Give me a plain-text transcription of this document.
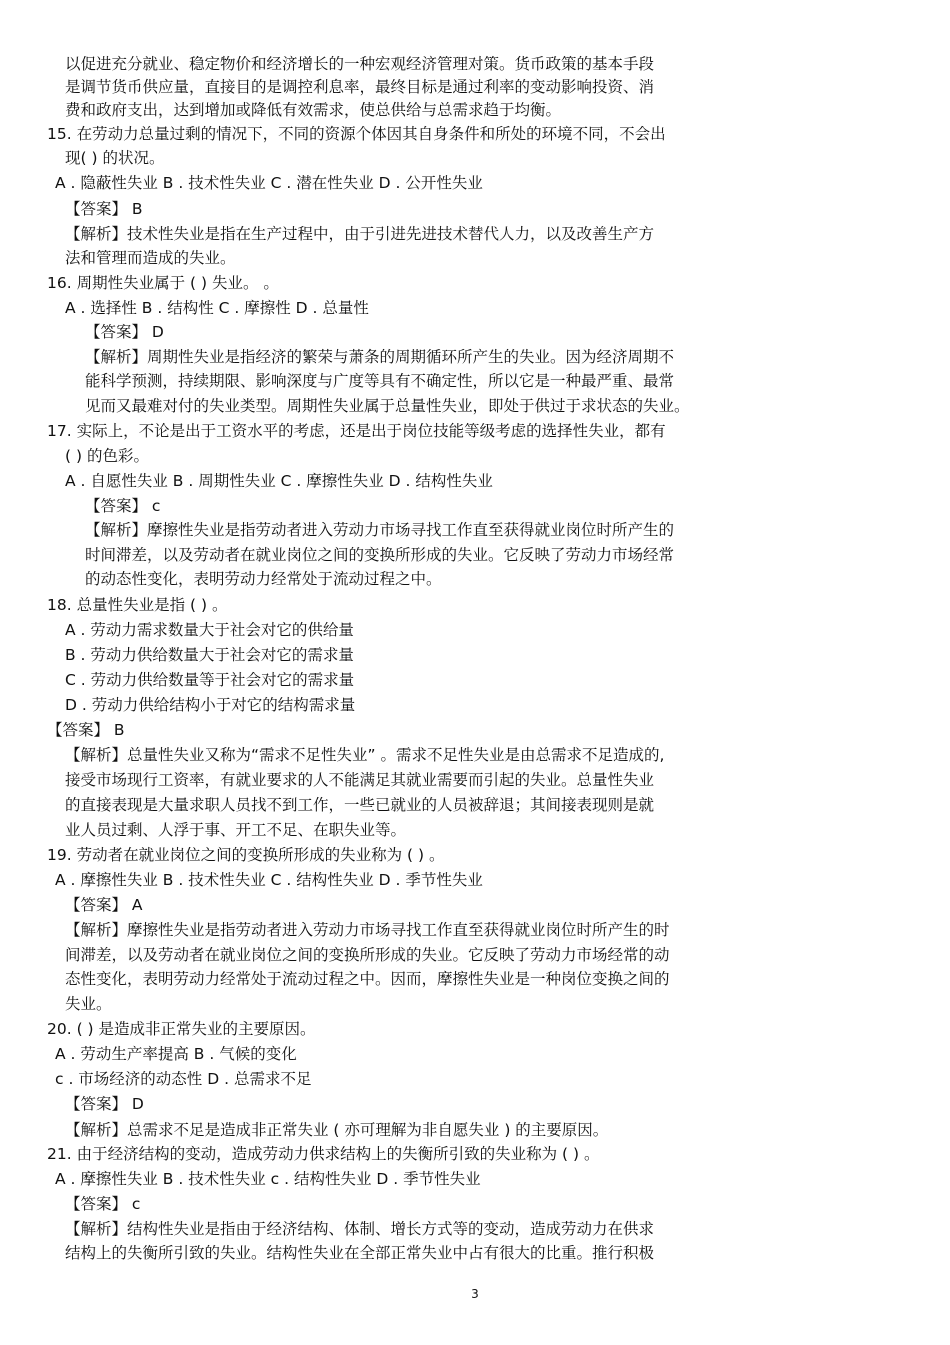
以促进充分就业、稳定物价和经济增长的一种宏观经济管理对策。货币政策的基本手段
是调节货币供应量，直接目的是调控利息率，最终目标是通过利率的变动影响投资、消
费和政府支出，达到增加或降低有效需求，使总供给与总需求趋于均衡。
15. 在劳动力总量过剩的情况下，不同的资源个体因其自身条件和所处的环境不同，不会出
现( ) 的状况。
A . 隐蔽性失业 B . 技术性失业 C . 潜在性失业 D . 公开性失业
【答案】 B
【解析】技术性失业是指在生产过程中，由于引进先进技术替代人力，以及改善生产方
法和管理而造成的失业。
16. 周期性失业属于 ( ) 失业。 。
A . 选择性 B . 结构性 C . 摩擦性 D . 总量性
【答案】 D
【解析】周期性失业是指经济的繁荣与萧条的周期循环所产生的失业。因为经济周期不
能科学预测，持续期限、影响深度与广度等具有不确定性，所以它是一种最严重、最常
见而又最难对付的失业类型。周期性失业属于总量性失业，即处于供过于求状态的失业。
17. 实际上，不论是出于工资水平的考虑，还是出于岗位技能等级考虑的选择性失业，都有
( ) 的色彩。
A . 自愿性失业 B . 周期性失业 C . 摩擦性失业 D . 结构性失业
【答案】 c
【解析】摩擦性失业是指劳动者进入劳动力市场寻找工作直至获得就业岗位时所产生的
时间滞差，以及劳动者在就业岗位之间的变换所形成的失业。它反映了劳动力市场经常
的动态性变化，表明劳动力经常处于流动过程之中。
18. 总量性失业是指 ( ) 。
A . 劳动力需求数量大于社会对它的供给量
B . 劳动力供给数量大于社会对它的需求量
C . 劳动力供给数量等于社会对它的需求量
D . 劳动力供给结构小于对它的结构需求量
【答案】 B
【解析】总量性失业又称为“需求不足性失业” 。需求不足性失业是由总需求不足造成的,
接受市场现行工资率，有就业要求的人不能满足其就业需要而引起的失业。总量性失业
的直接表现是大量求职人员找不到工作，一些已就业的人员被辞退；其间接表现则是就
业人员过剩、人浮于事、开工不足、在职失业等。
19. 劳动者在就业岗位之间的变换所形成的失业称为 ( ) 。
A . 摩擦性失业 B . 技术性失业 C . 结构性失业 D . 季节性失业
【答案】 A
【解析】摩擦性失业是指劳动者进入劳动力市场寻找工作直至获得就业岗位时所产生的时
间滞差，以及劳动者在就业岗位之间的变换所形成的失业。它反映了劳动力市场经常的动
态性变化，表明劳动力经常处于流动过程之中。因而，摩擦性失业是一种岗位变换之间的
失业。
20. ( ) 是造成非正常失业的主要原因。
A . 劳动生产率提高 B . 气候的变化
c . 市场经济的动态性 D . 总需求不足
【答案】 D
【解析】总需求不足是造成非正常失业 ( 亦可理解为非自愿失业 ) 的主要原因。
21. 由于经济结构的变动，造成劳动力供求结构上的失衡所引致的失业称为 ( ) 。
A . 摩擦性失业 B . 技术性失业 c . 结构性失业 D . 季节性失业
【答案】 c
【解析】结构性失业是指由于经济结构、体制、增长方式等的变动，造成劳动力在供求
结构上的失衡所引致的失业。结构性失业在全部正常失业中占有很大的比重。推行积极
3
